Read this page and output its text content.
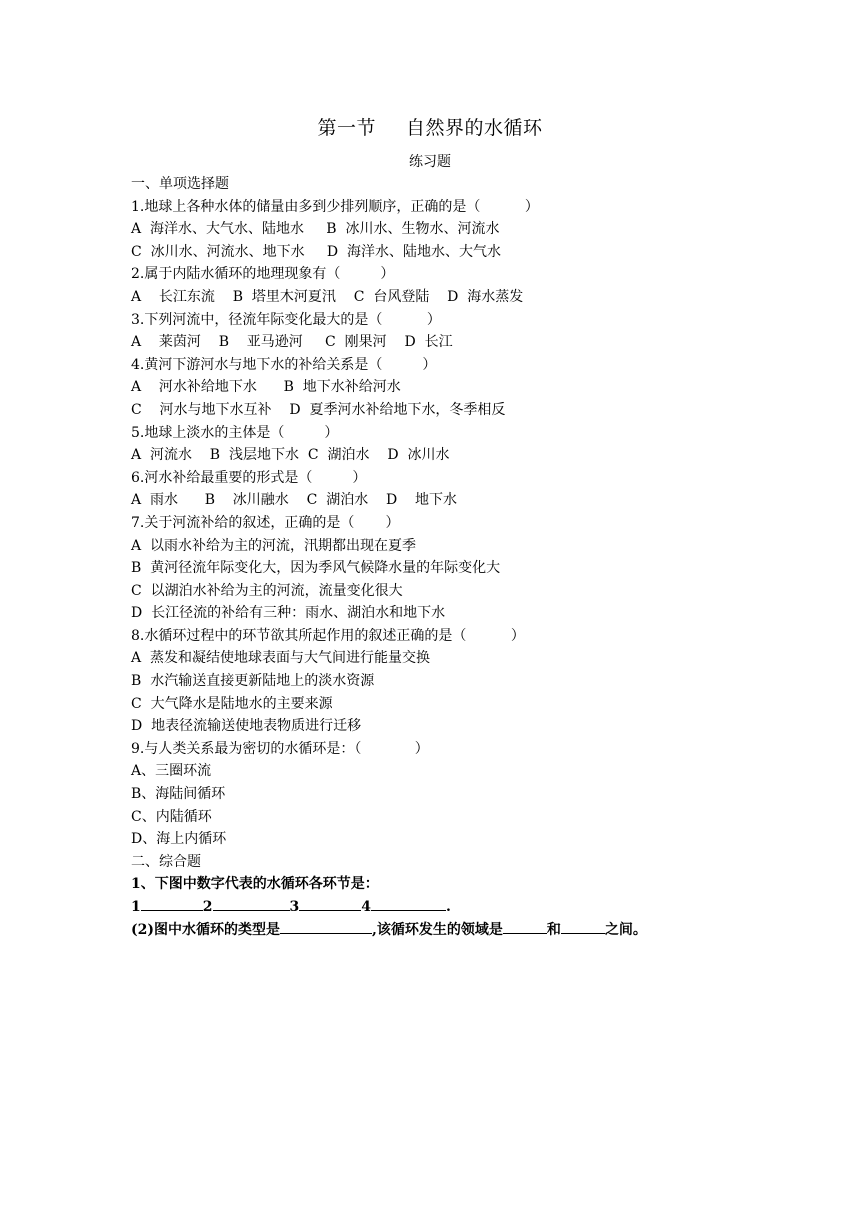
第一节 自然界的水循环
练习题
一、单项选择题
1.地球上各种水体的储量由多到少排列顺序，正确的是（          ）
A  海洋水、大气水、陆地水     B  冰川水、生物水、河流水
C  冰川水、河流水、地下水     D  海洋水、陆地水、大气水
2.属于内陆水循环的地理现象有（         ）
A    长江东流    B  塔里木河夏汛    C  台风登陆    D  海水蒸发
3.下列河流中，径流年际变化最大的是（          ）
A    莱茵河    B    亚马逊河     C  刚果河    D  长江
4.黄河下游河水与地下水的补给关系是（         ）
A    河水补给地下水      B  地下水补给河水
C    河水与地下水互补    D  夏季河水补给地下水，冬季相反
5.地球上淡水的主体是（         ）
A  河流水    B  浅层地下水  C  湖泊水    D  冰川水
6.河水补给最重要的形式是（         ）
A  雨水      B    冰川融水    C  湖泊水    D    地下水
7.关于河流补给的叙述，正确的是（       ）
A  以雨水补给为主的河流，汛期都出现在夏季
B  黄河径流年际变化大，因为季风气候降水量的年际变化大
C  以湖泊水补给为主的河流，流量变化很大
D  长江径流的补给有三种：雨水、湖泊水和地下水
8.水循环过程中的环节欲其所起作用的叙述正确的是（          ）
A  蒸发和凝结使地球表面与大气间进行能量交换
B  水汽输送直接更新陆地上的淡水资源
C  大气降水是陆地水的主要来源
D  地表径流输送使地表物质进行迁移
9.与人类关系最为密切的水循环是：（            ）
A、三圈环流
B、海陆间循环
C、内陆循环
D、海上内循环
二、综合题
1、下图中数字代表的水循环各环节是：
1	2	3	4	.
(2)图中水循环的类型是	,该循环发生的领域是	和	之间。
